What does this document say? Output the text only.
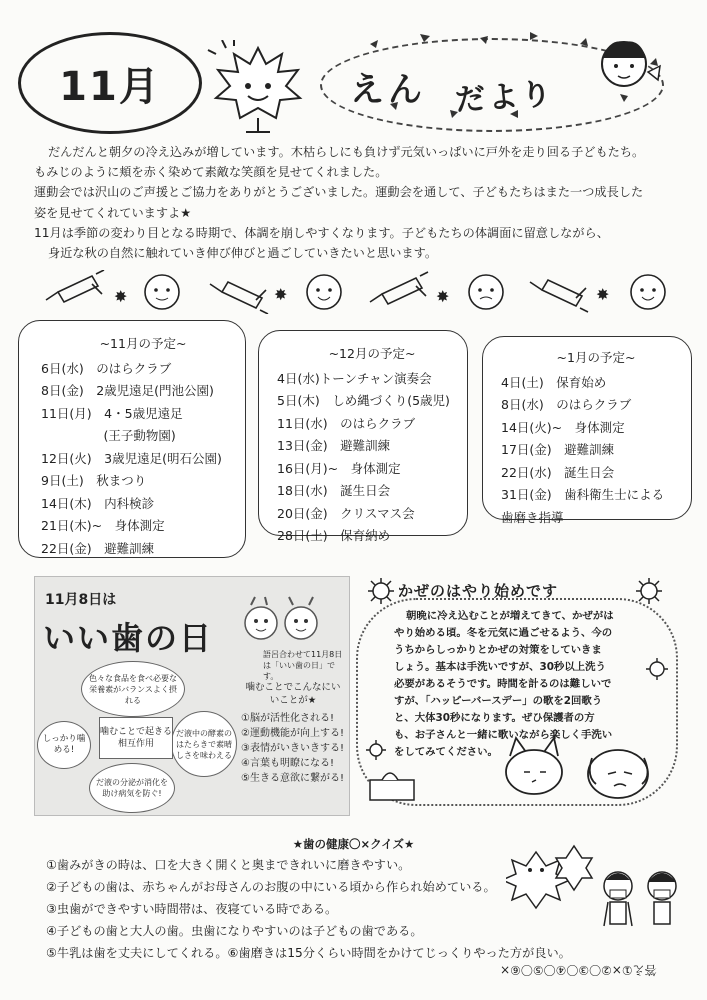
11月	えん だより

だんだんと朝夕の冷え込みが増しています。木枯らしにも負けず元気いっぱいに戸外を走り回る子どもたち。

もみじのように頬を赤く染めて素敵な笑顔を見せてくれました。

運動会では沢山のご声援とご協力をありがとうございました。運動会を通して、子どもたちはまた一つ成長した

姿を見せてくれていますよ★

11月は季節の変わり目となる時期で、体調を崩しやすくなります。子どもたちの体調面に留意しながら、

身近な秋の自然に触れていき伸び伸びと過ごしていきたいと思います。

✸	✸	✸	✸
~11月の予定~
6日(水)　のはらクラブ
8日(金)　2歳児遠足(門池公園)
11日(月)　4・5歳児遠足
　(王子動物園)
12日(火)　3歳児遠足(明石公園)
9日(土)　秋まつり
14日(木)　内科検診
21日(木)~　身体測定
22日(金)　避難訓練
~12月の予定~
4日(水)トーンチャン演奏会
5日(木)　しめ縄づくり(5歳児)
11日(水)　のはらクラブ
13日(金)　避難訓練
16日(月)~　身体測定
18日(水)　誕生日会
20日(金)　クリスマス会
28日(土)　保育納め
~1月の予定~
4日(土)　保育始め
8日(水)　のはらクラブ
14日(火)~　身体測定
17日(金)　避難訓練
22日(水)　誕生日会
31日(金)　歯科衛生士による
歯磨き指導
11月8日は
いい歯の日	語呂合わせて11月8日は「いい歯の日」です。
噛むことでこんなにいいことが★
①脳が活性化される!
②運動機能が向上する!
③表情がいきいきする!
④言葉も明瞭になる!
⑤生きる意欲に繋がる!
色々な食品を食べ必要な栄養素がバランスよく摂れる
しっかり噛める!
だ液中の酵素のはたらきで素晴しさを味わえる
だ液の分泌が消化を助け病気を防ぐ!
噛むことで起きる相互作用
かぜのはやり始めです

朝晩に冷え込むことが増えてきて、かぜがは

やり始める頃。冬を元気に過ごせるよう、今の

うちからしっかりとかぜの対策をしていきま

しょう。基本は手洗いですが、30秒以上洗う

必要があるそうです。時間を計るのは難しいで

すが、「ハッピーバースデー」の歌を2回歌う

と、大体30秒になります。ぜひ保護者の方

も、お子さんと一緒に歌いながら楽しく手洗い

をしてみてください。

★歯の健康〇×クイズ★

①歯みがきの時は、口を大きく開くと奥まできれいに磨きやすい。

②子どもの歯は、赤ちゃんがお母さんのお腹の中にいる頃から作られ始めている。

③虫歯ができやすい時間帯は、夜寝ている時である。

④子どもの歯と大人の歯。虫歯になりやすいのは子どもの歯である。

⑤牛乳は歯を丈夫にしてくれる。⑥歯磨きは15分くらい時間をかけてじっくりやった方が良い。

答え①×②〇③〇④〇⑤〇⑥×
